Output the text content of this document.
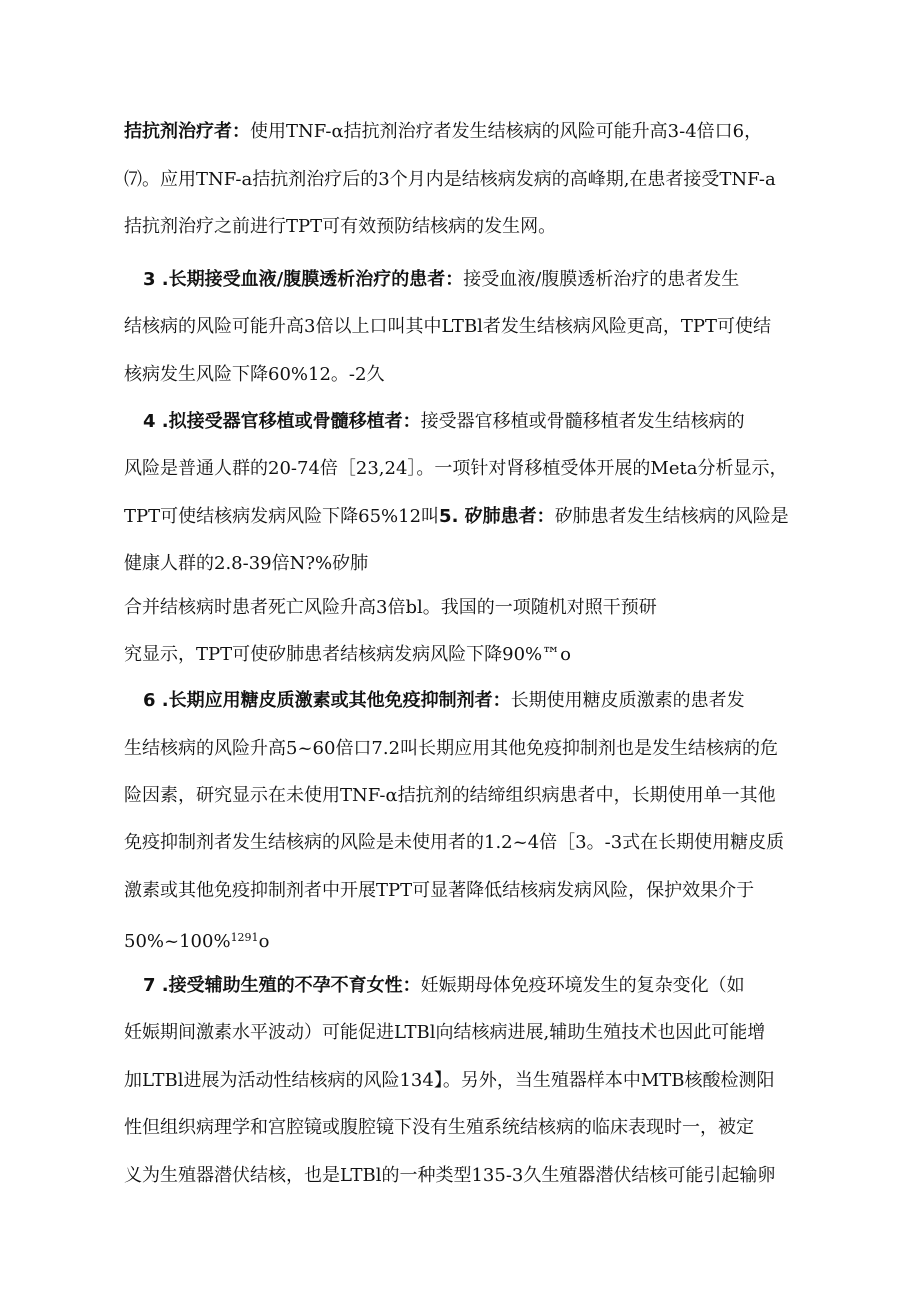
拮抗剂治疗者：使用TNF-α拮抗剂治疗者发生结核病的风险可能升高3-4倍口6，
⑺。应用TNF-a拮抗剂治疗后的3个月内是结核病发病的高峰期,在患者接受TNF-a
拮抗剂治疗之前进行TPT可有效预防结核病的发生网。
3 .长期接受血液/腹膜透析治疗的患者：接受血液/腹膜透析治疗的患者发生
结核病的风险可能升高3倍以上口叫其中LTBl者发生结核病风险更高，TPT可使结
核病发生风险下降60%12。-2久
4 .拟接受器官移植或骨髓移植者：接受器官移植或骨髓移植者发生结核病的
风险是普通人群的20-74倍［23,24］。一项针对肾移植受体开展的Meta分析显示，
TPT可使结核病发病风险下降65%12叫5. 矽肺患者：矽肺患者发生结核病的风险是
健康人群的2.8-39倍N?%矽肺
合并结核病时患者死亡风险升高3倍bl。我国的一项随机对照干预研
究显示，TPT可使矽肺患者结核病发病风险下降90%™o
6 .长期应用糖皮质激素或其他免疫抑制剂者：长期使用糖皮质激素的患者发
生结核病的风险升高5~60倍口7.2叫长期应用其他免疫抑制剂也是发生结核病的危
险因素，研究显示在未使用TNF-α拮抗剂的结缔组织病患者中，长期使用单一其他
免疫抑制剂者发生结核病的风险是未使用者的1.2~4倍［3。-3式在长期使用糖皮质
激素或其他免疫抑制剂者中开展TPT可显著降低结核病发病风险，保护效果介于
50%~100%$^{1291}$o
7 .接受辅助生殖的不孕不育女性：妊娠期母体免疫环境发生的复杂变化（如
妊娠期间激素水平波动）可能促进LTBl向结核病进展,辅助生殖技术也因此可能增
加LTBl进展为活动性结核病的风险134】。另外，当生殖器样本中MTB核酸检测阳
性但组织病理学和宫腔镜或腹腔镜下没有生殖系统结核病的临床表现时一，被定
义为生殖器潜伏结核，也是LTBl的一种类型135-3久生殖器潜伏结核可能引起输卵
